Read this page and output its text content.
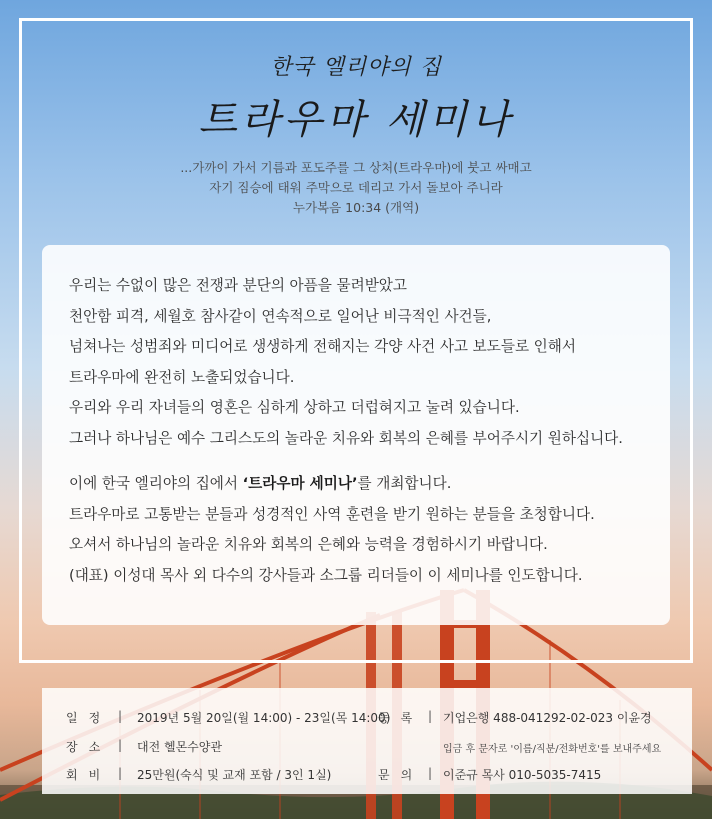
한국 엘리야의 집
트라우마 세미나
...가까이 가서 기름과 포도주를 그 상처(트라우마)에 붓고 싸매고
자기 짐승에 태워 주막으로 데리고 가서 돌보아 주니라
누가복음 10:34 (개역)

우리는 수없이 많은 전쟁과 분단의 아픔을 물려받았고

천안함 피격, 세월호 참사같이 연속적으로 일어난 비극적인 사건들,

넘쳐나는 성범죄와 미디어로 생생하게 전해지는 각양 사건 사고 보도들로 인해서

트라우마에 완전히 노출되었습니다.

우리와 우리 자녀들의 영혼은 심하게 상하고 더럽혀지고 눌려 있습니다.

그러나 하나님은 예수 그리스도의 놀라운 치유와 회복의 은혜를 부어주시기 원하십니다.

이에 한국 엘리야의 집에서 ‘트라우마 세미나’를 개최합니다.

트라우마로 고통받는 분들과 성경적인 사역 훈련을 받기 원하는 분들을 초청합니다.

오셔서 하나님의 놀라운 치유와 회복의 은혜와 능력을 경험하시기 바랍니다.

(대표) 이성대 목사 외 다수의 강사들과 소그룹 리더들이 이 세미나를 인도합니다.

일정 | 2019년 5월 20일(월 14:00) - 23일(목 14:00)
등록 | 기업은행 488-041292-02-023 이윤경
장소 | 대전 헬몬수양관	입금 후 문자로 '이름/직분/전화번호'를 보내주세요
회비 | 25만원(숙식 및 교재 포함 / 3인 1실)	문의 | 이준규 목사 010-5035-7415
